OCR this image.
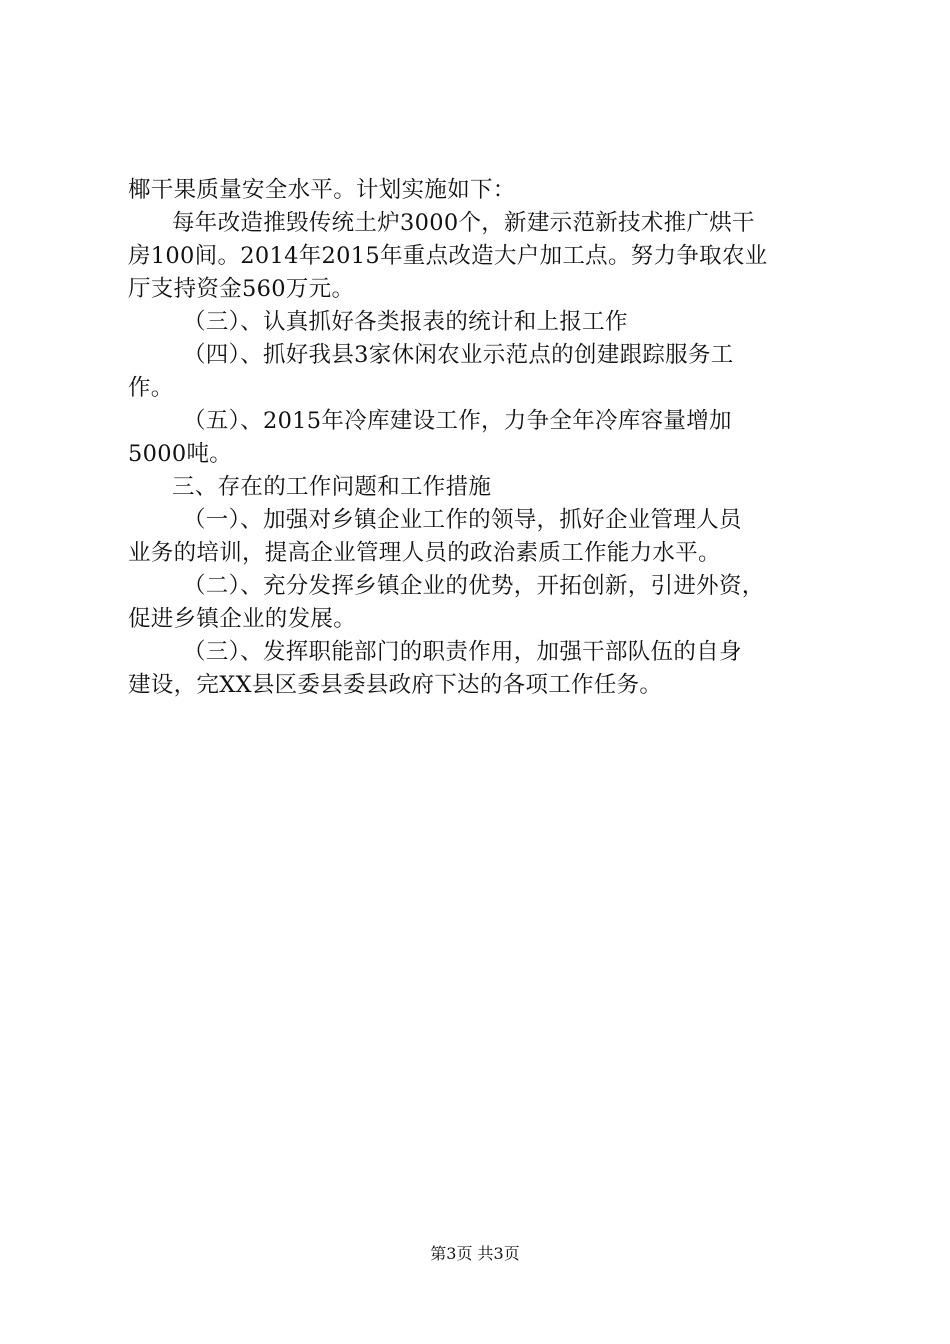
椰干果质量安全水平。计划实施如下：
每年改造推毁传统土炉3000个，新建示范新技术推广烘干
房100间。2014年2015年重点改造大户加工点。努力争取农业
厅支持资金560万元。
（三）、认真抓好各类报表的统计和上报工作
（四）、抓好我县3家休闲农业示范点的创建跟踪服务工
作。
（五）、2015年冷库建设工作，力争全年冷库容量增加
5000吨。
三、存在的工作问题和工作措施
（一）、加强对乡镇企业工作的领导，抓好企业管理人员
业务的培训，提高企业管理人员的政治素质工作能力水平。
（二）、充分发挥乡镇企业的优势，开拓创新，引进外资，
促进乡镇企业的发展。
（三）、发挥职能部门的职责作用，加强干部队伍的自身
建设，完XX县区委县委县政府下达的各项工作任务。
第3页 共3页
